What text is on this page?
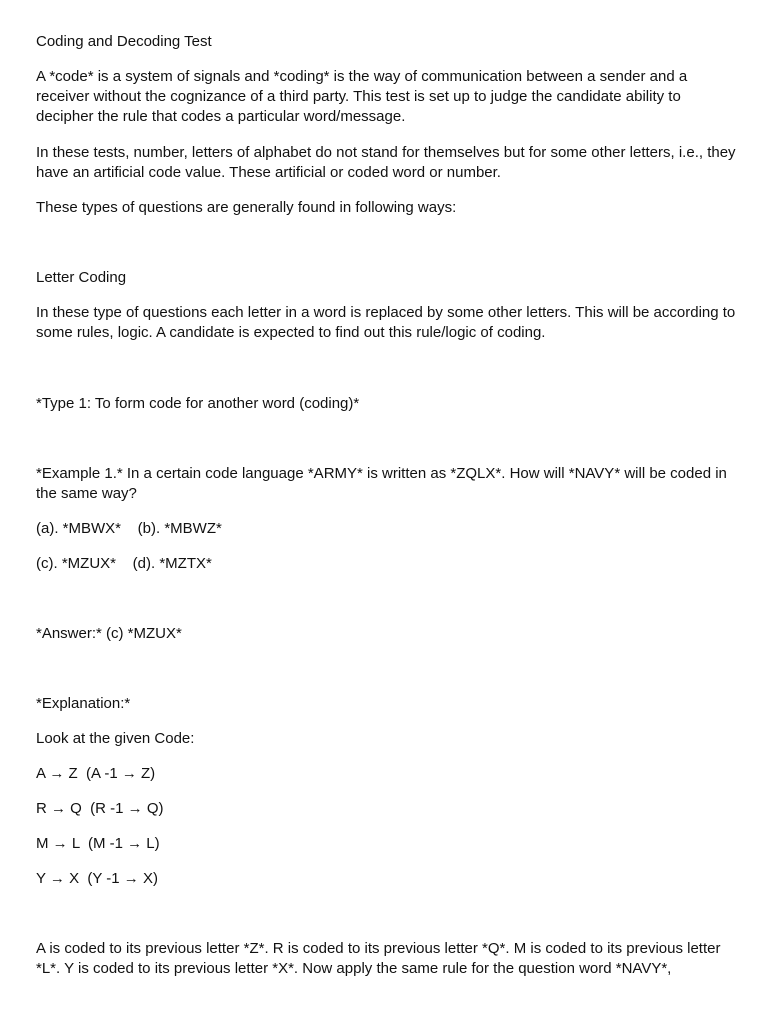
Coding and Decoding Test
A *code* is a system of signals and *coding* is the way of communication between a sender and a receiver without the cognizance of a third party. This test is set up to judge the candidate ability to decipher the rule that codes a particular word/message.
In these tests, number, letters of alphabet do not stand for themselves but for some other letters, i.e., they have an artificial code value. These artificial or coded word or number.
These types of questions are generally found in following ways:
Letter Coding
In these type of questions each letter in a word is replaced by some other letters. This will be according to some rules, logic. A candidate is expected to find out this rule/logic of coding.
*Type 1: To form code for another word (coding)*
*Example 1.* In a certain code language *ARMY* is written as *ZQLX*. How will *NAVY* will be coded in the same way?
(a). *MBWX*    (b). *MBWZ*
(c). *MZUX*    (d). *MZTX*
*Answer:* (c) *MZUX*
*Explanation:*
Look at the given Code:
A → Z  (A -1 → Z)
R → Q  (R -1 → Q)
M → L  (M -1 → L)
Y → X  (Y -1 → X)
A is coded to its previous letter *Z*. R is coded to its previous letter *Q*. M is coded to its previous letter *L*. Y is coded to its previous letter *X*. Now apply the same rule for the question word *NAVY*,
